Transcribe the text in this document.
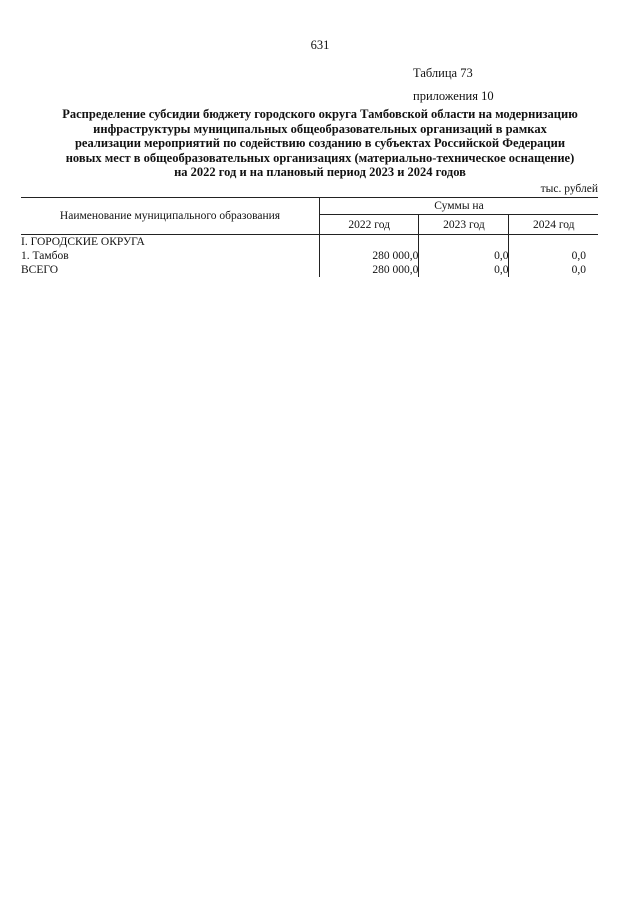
631
Таблица 73
приложения 10
Распределение субсидии бюджету городского округа Тамбовской области на модернизацию
инфраструктуры муниципальных общеобразовательных организаций в рамках
реализации мероприятий по содействию созданию в субъектах Российской Федерации
новых мест в общеобразовательных организациях (материально-техническое оснащение)
на 2022 год и на плановый период 2023 и 2024 годов
тыс. рублей
Наименование муниципального образования	Суммы на		
	2022 год	2023 год	2024 год
I. ГОРОДСКИЕ ОКРУГА			
1. Тамбов	280 000,0	0,0	0,0
ВСЕГО	280 000,0	0,0	0,0
